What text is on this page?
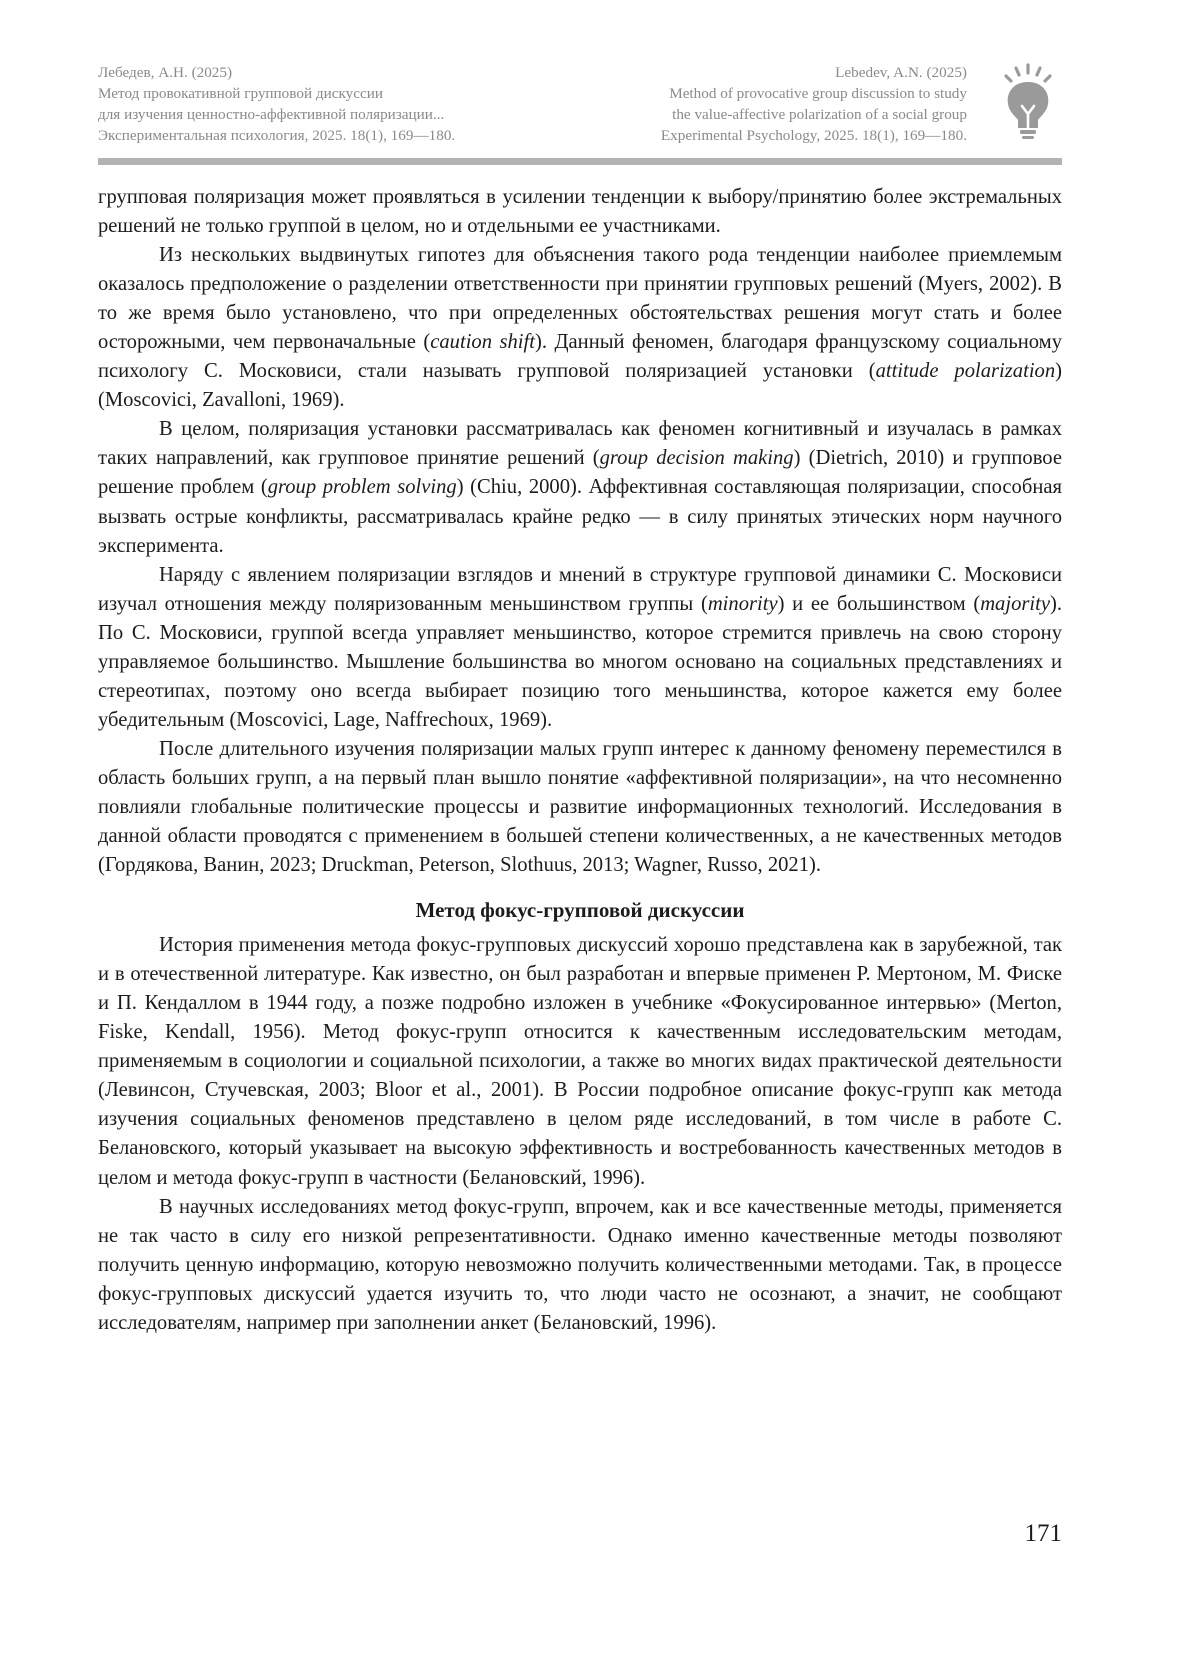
Лебедев, А.Н. (2025)
Метод провокативной групповой дискуссии
для изучения ценностно-аффективной поляризации...
Экспериментальная психология, 2025. 18(1), 169—180.
Lebedev, A.N. (2025)
Method of provocative group discussion to study
the value-affective polarization of a social group
Experimental Psychology, 2025. 18(1), 169—180.

групповая поляризация может проявляться в усилении тенденции к выбору/принятию более экстремальных решений не только группой в целом, но и отдельными ее участниками.

Из нескольких выдвинутых гипотез для объяснения такого рода тенденции наиболее приемлемым оказалось предположение о разделении ответственности при принятии групповых решений (Myers, 2002). В то же время было установлено, что при определенных обстоятельствах решения могут стать и более осторожными, чем первоначальные (caution shift). Данный феномен, благодаря французскому социальному психологу С. Московиси, стали называть групповой поляризацией установки (attitude polarization) (Moscovici, Zavalloni, 1969).

В целом, поляризация установки рассматривалась как феномен когнитивный и изучалась в рамках таких направлений, как групповое принятие решений (group decision making) (Dietrich, 2010) и групповое решение проблем (group problem solving) (Chiu, 2000). Аффективная составляющая поляризации, способная вызвать острые конфликты, рассматривалась крайне редко — в силу принятых этических норм научного эксперимента.

Наряду с явлением поляризации взглядов и мнений в структуре групповой динамики С. Московиси изучал отношения между поляризованным меньшинством группы (minority) и ее большинством (majority). По С. Московиси, группой всегда управляет меньшинство, которое стремится привлечь на свою сторону управляемое большинство. Мышление большинства во многом основано на социальных представлениях и стереотипах, поэтому оно всегда выбирает позицию того меньшинства, которое кажется ему более убедительным (Moscovici, Lage, Naffrechoux, 1969).

После длительного изучения поляризации малых групп интерес к данному феномену переместился в область больших групп, а на первый план вышло понятие «аффективной поляризации», на что несомненно повлияли глобальные политические процессы и развитие информационных технологий. Исследования в данной области проводятся с применением в большей степени количественных, а не качественных методов (Гордякова, Ванин, 2023; Druckman, Peterson, Slothuus, 2013; Wagner, Russo, 2021).

Метод фокус-групповой дискуссии

История применения метода фокус-групповых дискуссий хорошо представлена как в зарубежной, так и в отечественной литературе. Как известно, он был разработан и впервые применен Р. Мертоном, М. Фиске и П. Кендаллом в 1944 году, а позже подробно изложен в учебнике «Фокусированное интервью» (Merton, Fiske, Kendall, 1956). Метод фокус-групп относится к качественным исследовательским методам, применяемым в социологии и социальной психологии, а также во многих видах практической деятельности (Левинсон, Стучевская, 2003; Bloor et al., 2001). В России подробное описание фокус-групп как метода изучения социальных феноменов представлено в целом ряде исследований, в том числе в работе С. Белановского, который указывает на высокую эффективность и востребованность качественных методов в целом и метода фокус-групп в частности (Белановский, 1996).

В научных исследованиях метод фокус-групп, впрочем, как и все качественные методы, применяется не так часто в силу его низкой репрезентативности. Однако именно качественные методы позволяют получить ценную информацию, которую невозможно получить количественными методами. Так, в процессе фокус-групповых дискуссий удается изучить то, что люди часто не осознают, а значит, не сообщают исследователям, например при заполнении анкет (Белановский, 1996).

171
